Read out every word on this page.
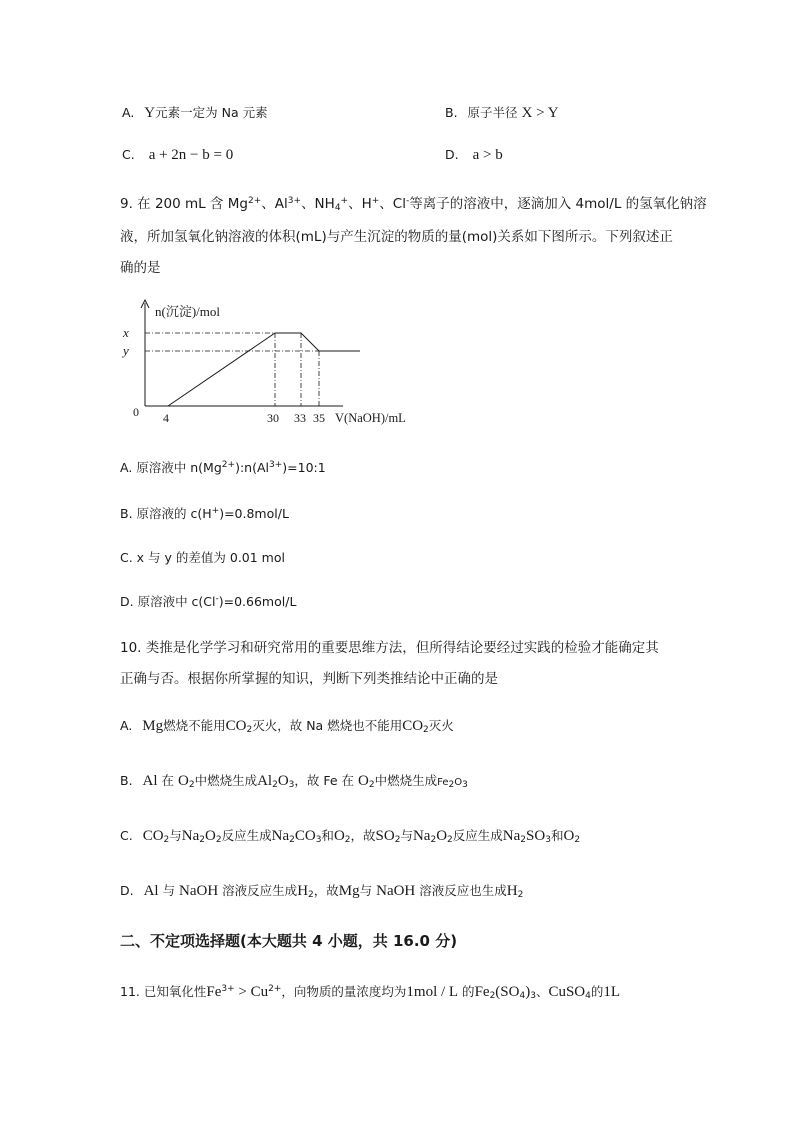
A. Y元素一定为 Na 元素	B. 原子半径 X > Y
C. a + 2n − b = 0	D. a > b
9. 在 200 mL 含 $Mg^{2+}$、$Al^{3+}$、$NH_4^+$、H+、Cl-等离子的溶液中，逐滴加入 4mol/L 的氢氧化钠溶
液，所加氢氧化钠溶液的体积(mL)与产生沉淀的物质的量(mol)关系如下图所示。下列叙述正
确的是
n(沉淀)/mol
x
y
0 4	30 33 35 V(NaOH)/mL
A. 原溶液中 $n(Mg^{2+}):n(Al^{3+})=10:1$
B. 原溶液的 c(H+)=0.8mol/L
C. x 与 y 的差值为 0.01 mol
D. 原溶液中 c(Cl-)=0.66mol/L
10. 类推是化学学习和研究常用的重要思维方法，但所得结论要经过实践的检验才能确定其
正确与否。根据你所掌握的知识，判断下列类推结论中正确的是
A. Mg燃烧不能用$CO_2$灭火，故 Na 燃烧也不能用$CO_2$灭火
B. Al 在 $O_2$中燃烧生成$Al_2O_3$，故 Fe 在 $O_2$中燃烧生成$Fe_2O_3$
C. $CO_2$与$Na_2O_2$反应生成$Na_2CO_3$和$O_2$，故$SO_2$与$Na_2O_2$反应生成$Na_2SO_3$和$O_2$
D. Al 与 NaOH 溶液反应生成$H_2$，故Mg与 NaOH 溶液反应也生成$H_2$
二、不定项选择题(本大题共 4 小题，共 16.0 分)
11. 已知氧化性$Fe^{3+} > Cu^{2+}$，向物质的量浓度均为1mol / L 的$Fe_2(SO_4)_3$、CuSO$_4$的1L
